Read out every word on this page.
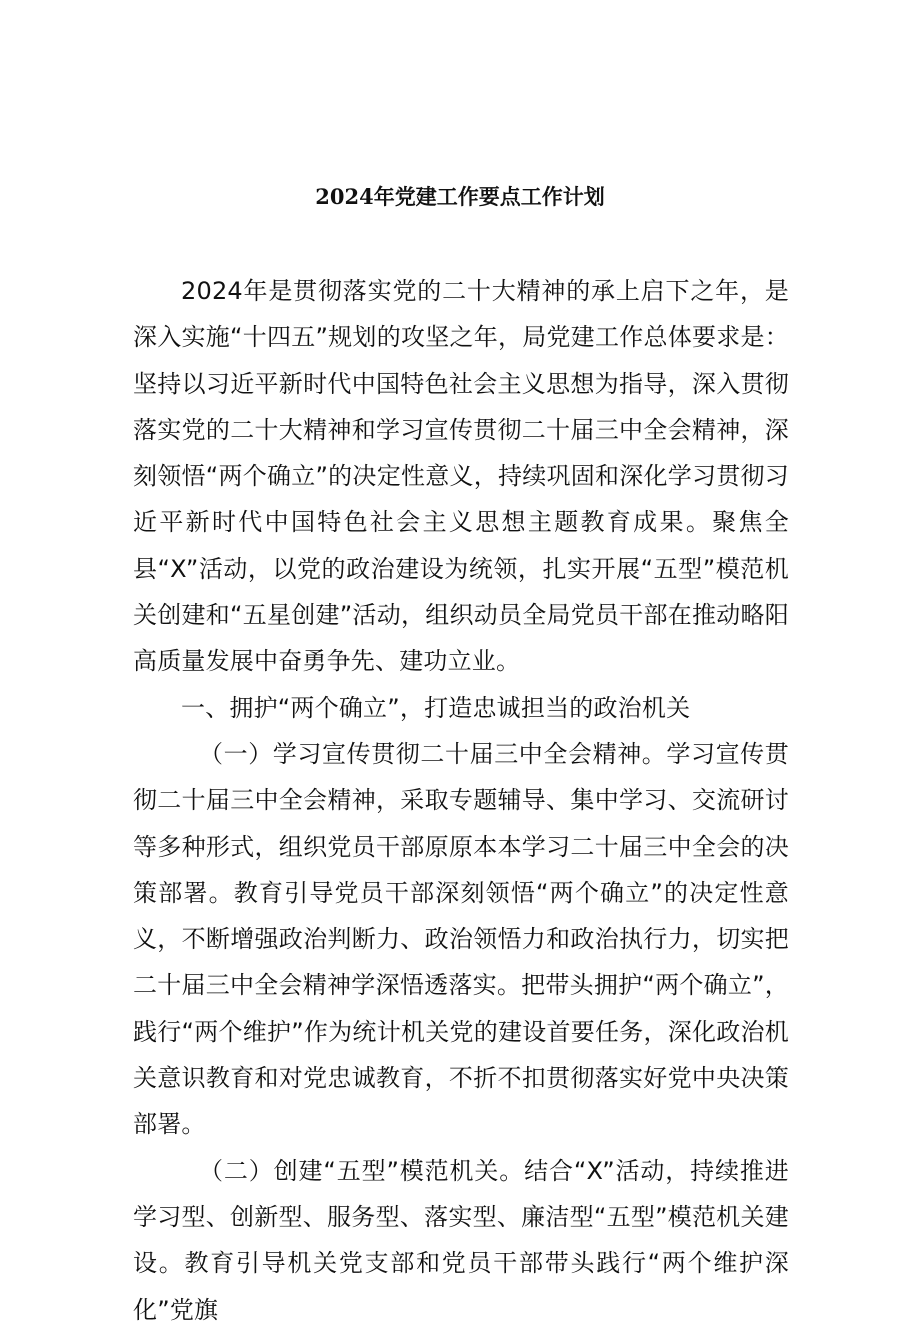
2024年党建工作要点工作计划

2024年是贯彻落实党的二十大精神的承上启下之年，是深入实施“十四五”规划的攻坚之年，局党建工作总体要求是：坚持以习近平新时代中国特色社会主义思想为指导，深入贯彻落实党的二十大精神和学习宣传贯彻二十届三中全会精神，深刻领悟“两个确立”的决定性意义，持续巩固和深化学习贯彻习近平新时代中国特色社会主义思想主题教育成果。聚焦全县“X”活动，以党的政治建设为统领，扎实开展“五型”模范机关创建和“五星创建”活动，组织动员全局党员干部在推动略阳高质量发展中奋勇争先、建功立业。

一、拥护“两个确立”，打造忠诚担当的政治机关

（一）学习宣传贯彻二十届三中全会精神。学习宣传贯彻二十届三中全会精神，采取专题辅导、集中学习、交流研讨等多种形式，组织党员干部原原本本学习二十届三中全会的决策部署。教育引导党员干部深刻领悟“两个确立”的决定性意义，不断增强政治判断力、政治领悟力和政治执行力，切实把二十届三中全会精神学深悟透落实。把带头拥护“两个确立”，践行“两个维护”作为统计机关党的建设首要任务，深化政治机关意识教育和对党忠诚教育，不折不扣贯彻落实好党中央决策部署。

（二）创建“五型”模范机关。结合“X”活动，持续推进学习型、创新型、服务型、落实型、廉洁型“五型”模范机关建设。教育引导机关党支部和党员干部带头践行“两个维护深化”党旗
